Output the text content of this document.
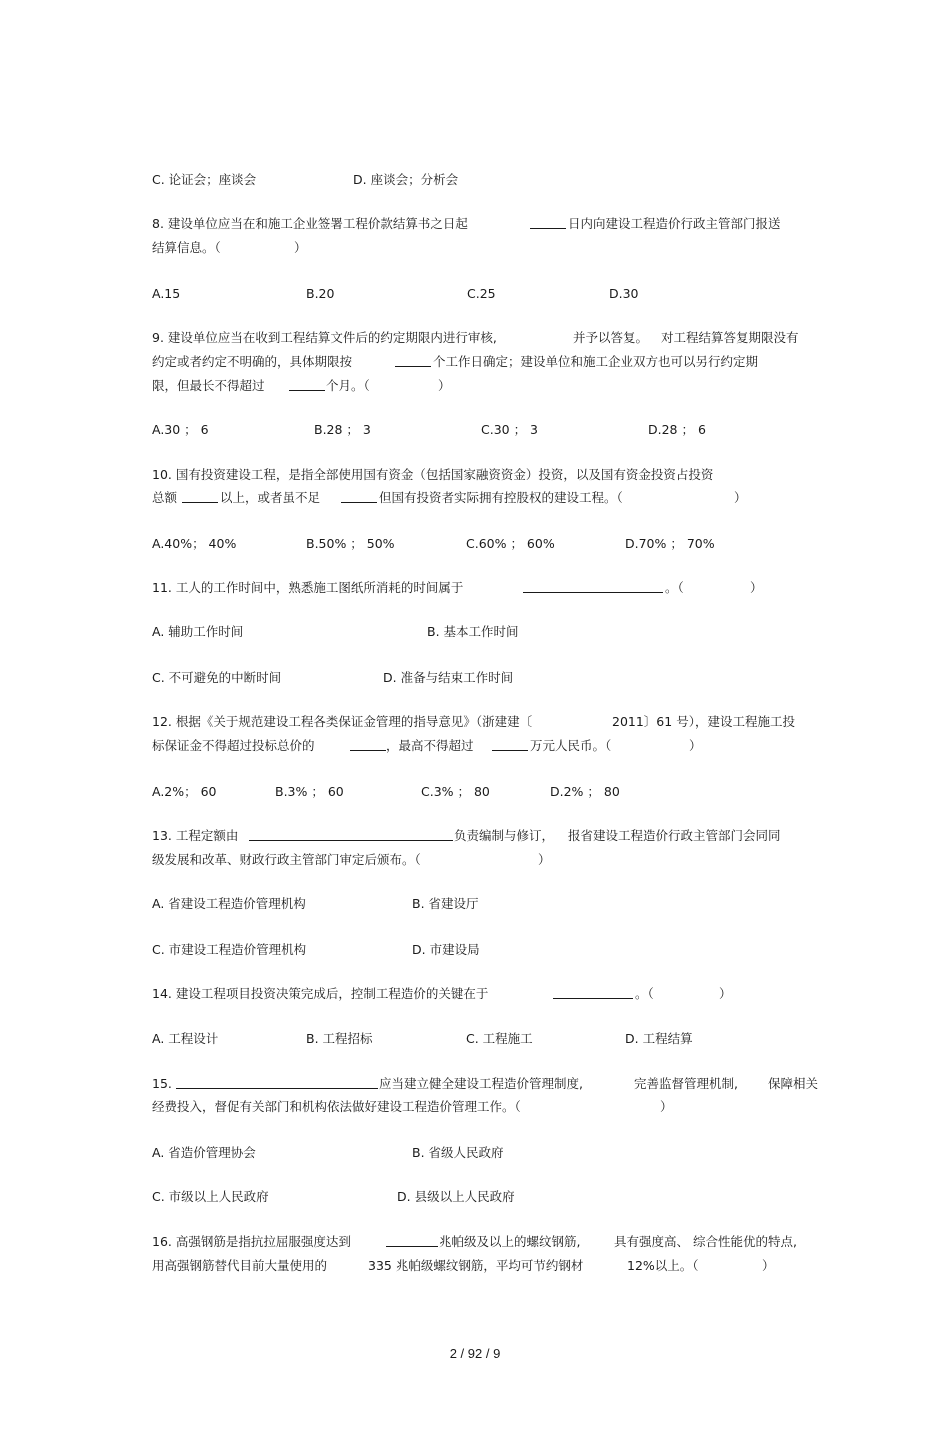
C. 论证会；座谈会	D. 座谈会；分析会
8. 建设单位应当在和施工企业签署工程价款结算书之日起	日内向建设工程造价行政主管部门报送
结算信息。（	）
A.15	B.20	C.25	D.30
9. 建设单位应当在收到工程结算文件后的约定期限内进行审核,	并予以答复。 对工程结算答复期限没有
约定或者约定不明确的，具体期限按	个工作日确定；建设单位和施工企业双方也可以另行约定期
限，但最长不得超过	个月。（	）
A.30 ； 6	B.28 ； 3	C.30 ； 3	D.28 ； 6
10. 国有投资建设工程，是指全部使用国有资金（包括国家融资资金）投资，以及国有资金投资占投资
总额	以上，或者虽不足	但国有投资者实际拥有控股权的建设工程。（	）
A.40%； 40%	B.50% ； 50%	C.60% ； 60%	D.70% ； 70%
11. 工人的工作时间中，熟悉施工图纸所消耗的时间属于	。（	）
A. 辅助工作时间	B. 基本工作时间
C. 不可避免的中断时间	D. 准备与结束工作时间
12. 根据《关于规范建设工程各类保证金管理的指导意见》（浙建建〔	2011〕61 号），建设工程施工投
标保证金不得超过投标总价的	，最高不得超过	万元人民币。（	）
A.2%； 60	B.3% ； 60	C.3% ； 80	D.2% ； 80
13. 工程定额由	负责编制与修订， 报省建设工程造价行政主管部门会同同
级发展和改革、财政行政主管部门审定后颁布。（	）
A. 省建设工程造价管理机构	B. 省建设厅
C. 市建设工程造价管理机构	D. 市建设局
14. 建设工程项目投资决策完成后，控制工程造价的关键在于	。（	）
A. 工程设计	B. 工程招标	C. 工程施工	D. 工程结算
15.	应当建立健全建设工程造价管理制度,	完善监督管理机制, 保障相关
经费投入，督促有关部门和机构依法做好建设工程造价管理工作。（	）
A. 省造价管理协会	B. 省级人民政府
C. 市级以上人民政府	D. 县级以上人民政府
16. 高强钢筋是指抗拉屈服强度达到	兆帕级及以上的螺纹钢筋,	具有强度高、 综合性能优的特点,
用高强钢筋替代目前大量使用的	335 兆帕级螺纹钢筋，平均可节约钢材	12%以上。（	）
2 / 92 / 9
